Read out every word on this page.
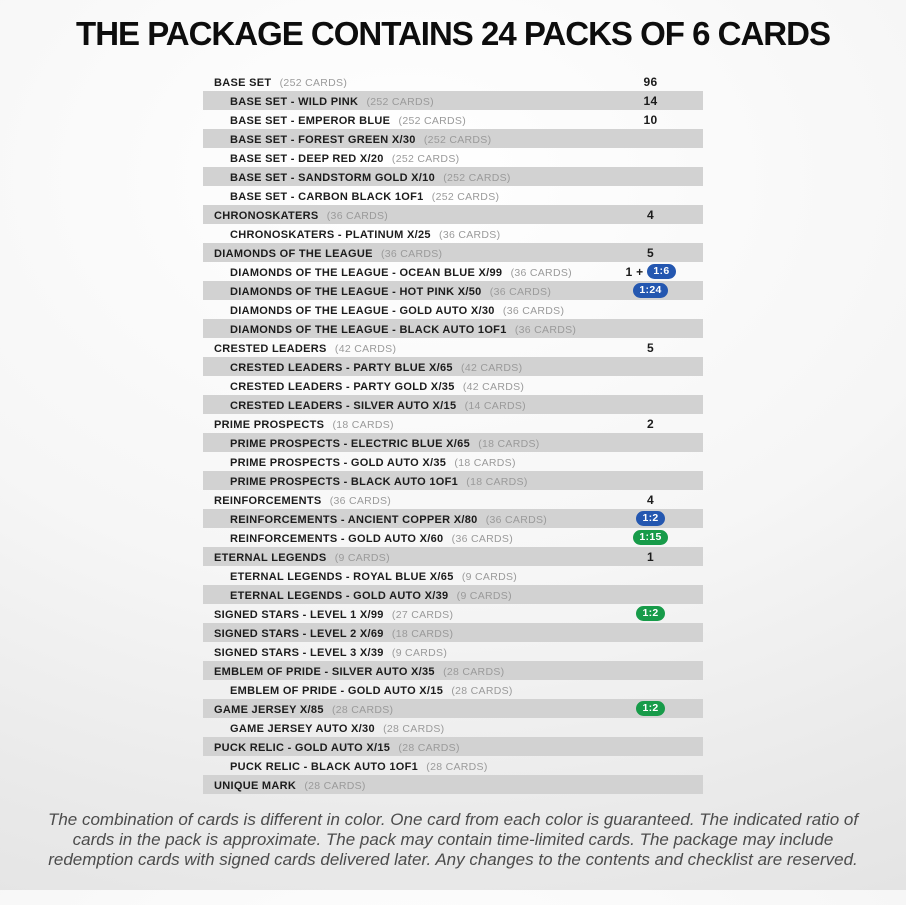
THE PACKAGE CONTAINS 24 PACKS OF 6 CARDS
BASE SET (252 CARDS)	96
BASE SET - WILD PINK (252 CARDS)	14
BASE SET - EMPEROR BLUE (252 CARDS)	10
BASE SET - FOREST GREEN X/30 (252 CARDS)
BASE SET - DEEP RED X/20 (252 CARDS)
BASE SET - SANDSTORM GOLD X/10 (252 CARDS)
BASE SET - CARBON BLACK 1OF1 (252 CARDS)
CHRONOSKATERS (36 CARDS)	4
CHRONOSKATERS - PLATINUM X/25 (36 CARDS)
DIAMONDS OF THE LEAGUE (36 CARDS)	5
DIAMONDS OF THE LEAGUE - OCEAN BLUE X/99 (36 CARDS)	1 + 1:6
DIAMONDS OF THE LEAGUE - HOT PINK X/50 (36 CARDS)	1:24
DIAMONDS OF THE LEAGUE - GOLD AUTO X/30 (36 CARDS)
DIAMONDS OF THE LEAGUE - BLACK AUTO 1OF1 (36 CARDS)
CRESTED LEADERS (42 CARDS)	5
CRESTED LEADERS - PARTY BLUE X/65 (42 CARDS)
CRESTED LEADERS - PARTY GOLD X/35 (42 CARDS)
CRESTED LEADERS - SILVER AUTO X/15 (14 CARDS)
PRIME PROSPECTS (18 CARDS)	2
PRIME PROSPECTS - ELECTRIC BLUE X/65 (18 CARDS)
PRIME PROSPECTS - GOLD AUTO X/35 (18 CARDS)
PRIME PROSPECTS - BLACK AUTO 1OF1 (18 CARDS)
REINFORCEMENTS (36 CARDS)	4
REINFORCEMENTS - ANCIENT COPPER X/80 (36 CARDS)	1:2
REINFORCEMENTS - GOLD AUTO X/60 (36 CARDS)	1:15
ETERNAL LEGENDS (9 CARDS)	1
ETERNAL LEGENDS - ROYAL BLUE X/65 (9 CARDS)
ETERNAL LEGENDS - GOLD AUTO X/39 (9 CARDS)
SIGNED STARS - LEVEL 1 X/99 (27 CARDS)	1:2
SIGNED STARS - LEVEL 2 X/69 (18 CARDS)
SIGNED STARS - LEVEL 3 X/39 (9 CARDS)
EMBLEM OF PRIDE - SILVER AUTO X/35 (28 CARDS)
EMBLEM OF PRIDE - GOLD AUTO X/15 (28 CARDS)
GAME JERSEY X/85 (28 CARDS)	1:2
GAME JERSEY AUTO X/30 (28 CARDS)
PUCK RELIC - GOLD AUTO X/15 (28 CARDS)
PUCK RELIC - BLACK AUTO 1OF1 (28 CARDS)
UNIQUE MARK (28 CARDS)
The combination of cards is different in color. One card from each color is guaranteed. The indicated ratio of
cards in the pack is approximate. The pack may contain time-limited cards. The package may include
redemption cards with signed cards delivered later. Any changes to the contents and checklist are reserved.
